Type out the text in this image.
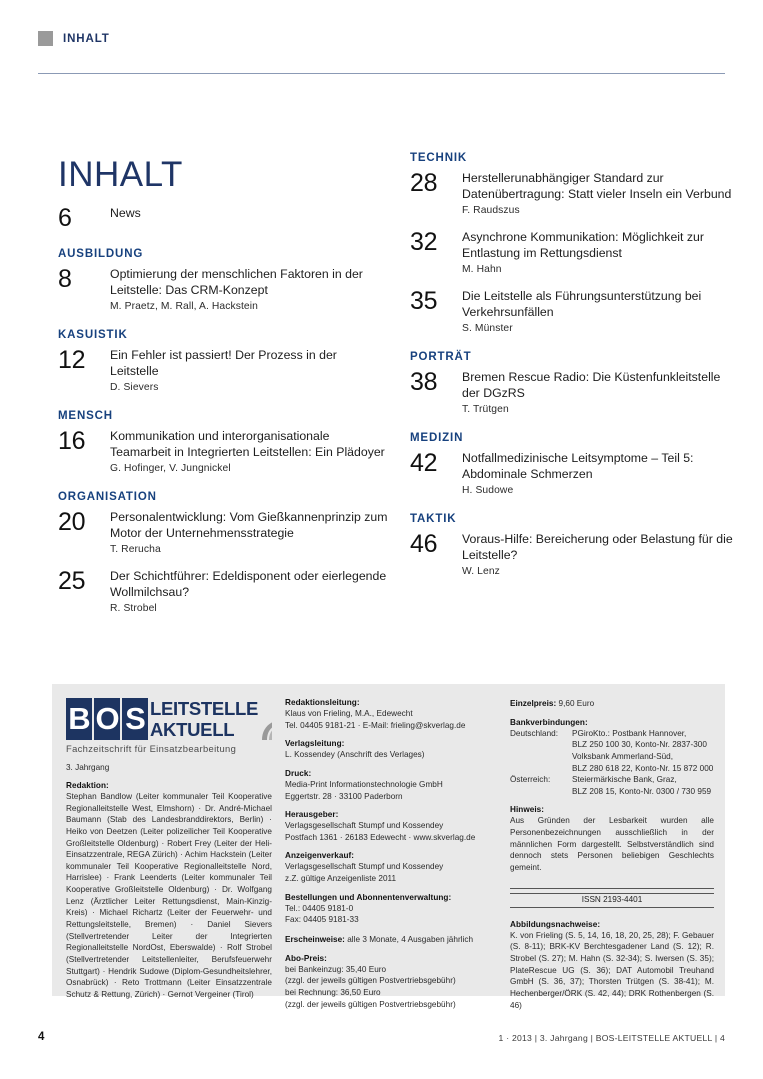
INHALT
INHALT
6	News
AUSBILDUNG
8	Optimierung der menschlichen Faktoren in der Leitstelle: Das CRM-Konzept
M. Praetz, M. Rall, A. Hackstein
KASUISTIK
12	Ein Fehler ist passiert! Der Prozess in der Leitstelle
D. Sievers
MENSCH
16	Kommunikation und interorganisationale Teamarbeit in Integrierten Leitstellen: Ein Plädoyer
G. Hofinger, V. Jungnickel
ORGANISATION
20	Personalentwicklung: Vom Gießkannenprinzip zum Motor der Unternehmensstrategie
T. Rerucha
25	Der Schichtführer: Edeldisponent oder eierlegende Wollmilchsau?
R. Strobel
TECHNIK
28	Herstellerunabhängiger Standard zur Datenübertragung: Statt vieler Inseln ein Verbund
F. Raudszus
32	Asynchrone Kommunikation: Möglichkeit zur Entlastung im Rettungsdienst
M. Hahn
35	Die Leitstelle als Führungsunterstützung bei Verkehrsunfällen
S. Münster
PORTRÄT
38	Bremen Rescue Radio: Die Küstenfunkleitstelle der DGzRS
T. Trütgen
MEDIZIN
42	Notfallmedizinische Leitsymptome – Teil 5: Abdominale Schmerzen
H. Sudowe
TAKTIK
46	Voraus-Hilfe: Bereicherung oder Belastung für die Leitstelle?
W. Lenz
B O S LEITSTELLE
AKTUELL
Fachzeitschrift für Einsatzbearbeitung
3. Jahrgang
Redaktion:
Stephan Bandlow (Leiter kommunaler Teil Kooperative Regionalleitstelle West, Elmshorn) · Dr. André-Michael Baumann (Stab des Landesbranddirektors, Berlin) · Heiko von Deetzen (Leiter polizeilicher Teil Kooperative Großleitstelle Oldenburg) · Robert Frey (Leiter der Heli-Einsatzzentrale, REGA Zürich) · Achim Hackstein (Leiter kommunaler Teil Kooperative Regionalleitstelle Nord, Harrislee) · Frank Leenderts (Leiter kommunaler Teil Kooperative Großleitstelle Oldenburg) · Dr. Wolfgang Lenz (Ärztlicher Leiter Rettungsdienst, Main-Kinzig-Kreis) · Michael Richartz (Leiter der Feuerwehr- und Rettungsleitstelle, Bremen) · Daniel Sievers (Stellvertretender Leiter der Integrierten Regionalleitstelle NordOst, Eberswalde) · Rolf Strobel (Stellvertretender Leitstellenleiter, Berufsfeuerwehr Stuttgart) · Hendrik Sudowe (Diplom-Gesundheitslehrer, Osnabrück) · Reto Trottmann (Leiter Einsatzzentrale Schutz & Rettung, Zürich) · Gernot Vergeiner (Tirol)
Redaktionsleitung:
Klaus von Frieling, M.A., Edewecht
Tel. 04405 9181-21 · E-Mail: frieling@skverlag.de
Verlagsleitung:
L. Kossendey (Anschrift des Verlages)
Druck:
Media-Print Informationstechnologie GmbH
Eggertstr. 28 · 33100 Paderborn
Herausgeber:
Verlagsgesellschaft Stumpf und Kossendey
Postfach 1361 · 26183 Edewecht · www.skverlag.de
Anzeigenverkauf:
Verlagsgesellschaft Stumpf und Kossendey
z.Z. gültige Anzeigenliste 2011
Bestellungen und Abonnentenverwaltung:
Tel.: 04405 9181-0
Fax: 04405 9181-33
Erscheinweise: alle 3 Monate, 4 Ausgaben jährlich
Abo-Preis:
bei Bankeinzug: 35,40 Euro
(zzgl. der jeweils gültigen Postvertriebsgebühr)
bei Rechnung: 36,50 Euro
(zzgl. der jeweils gültigen Postvertriebsgebühr)
Einzelpreis: 9,60 Euro
Bankverbindungen:
Deutschland:	PGiroKto.: Postbank Hannover,
BLZ 250 100 30, Konto-Nr. 2837-300
Volksbank Ammerland-Süd,
BLZ 280 618 22, Konto-Nr. 15 872 000
Österreich:	Steiermärkische Bank, Graz,
BLZ 208 15, Konto-Nr. 0300 / 730 959
Hinweis:
Aus Gründen der Lesbarkeit wurden alle Personenbezeichnungen ausschließlich in der männlichen Form dargestellt. Selbstverständlich sind dennoch stets Personen beliebigen Geschlechts gemeint.
ISSN 2193-4401
Abbildungsnachweise:
K. von Frieling (S. 5, 14, 16, 18, 20, 25, 28); F. Gebauer (S. 8-11); BRK-KV Berchtesgadener Land (S. 12); R. Strobel (S. 27); M. Hahn (S. 32-34); S. Iwersen (S. 35); PlateRescue UG (S. 36); DAT Automobil Treuhand GmbH (S. 36, 37); Thorsten Trütgen (S. 38-41); M. Hechenberger/ÖRK (S. 42, 44); DRK Rothenbergen (S. 46)
4	1 · 2013 | 3. Jahrgang | BOS-LEITSTELLE AKTUELL | 4
